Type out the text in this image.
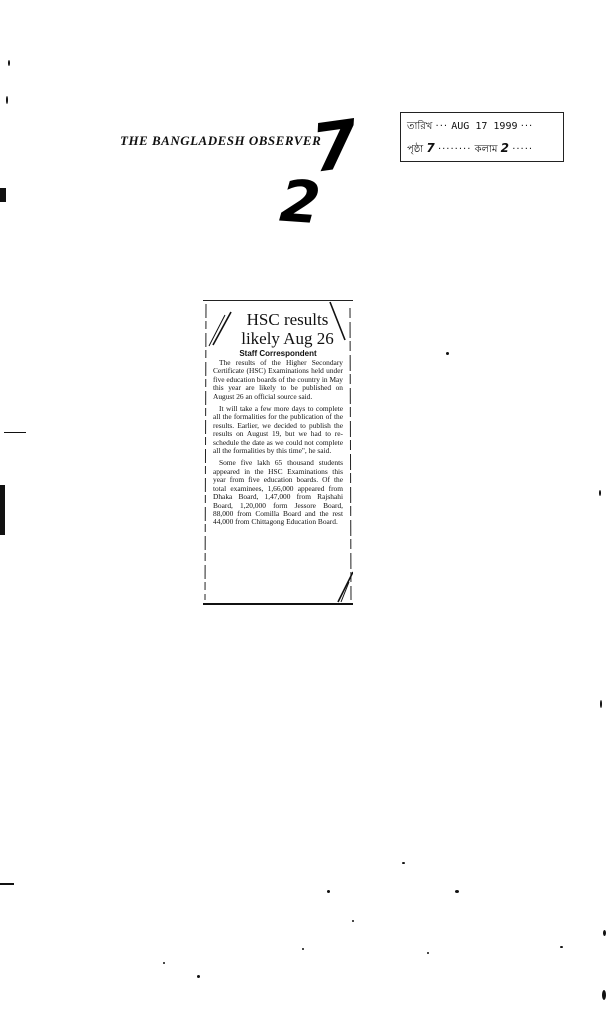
THE BANGLADESH OBSERVER
7
2
তারিখ ··· AUG 17 1999 ···
পৃষ্ঠা 7 ········ কলাম 2 ·····
HSC results
likely Aug 26
Staff Correspondent

The results of the Higher Secondary Certificate (HSC) Examinations held under five education boards of the country in May this year are likely to be published on August 26 an official source said.

It will take a few more days to complete all the formalities for the publication of the results. Earlier, we decided to publish the results on August 19, but we had to re-schedule the date as we could not complete all the formalities by this time", he said.

Some five lakh 65 thousand students appeared in the HSC Examinations this year from five education boards. Of the total examinees, 1,66,000 appeared from Dhaka Board, 1,47,000 from Rajshahi Board, 1,20,000 form Jessore Board, 88,000 from Comilla Board and the rest 44,000 from Chittagong Education Board.
